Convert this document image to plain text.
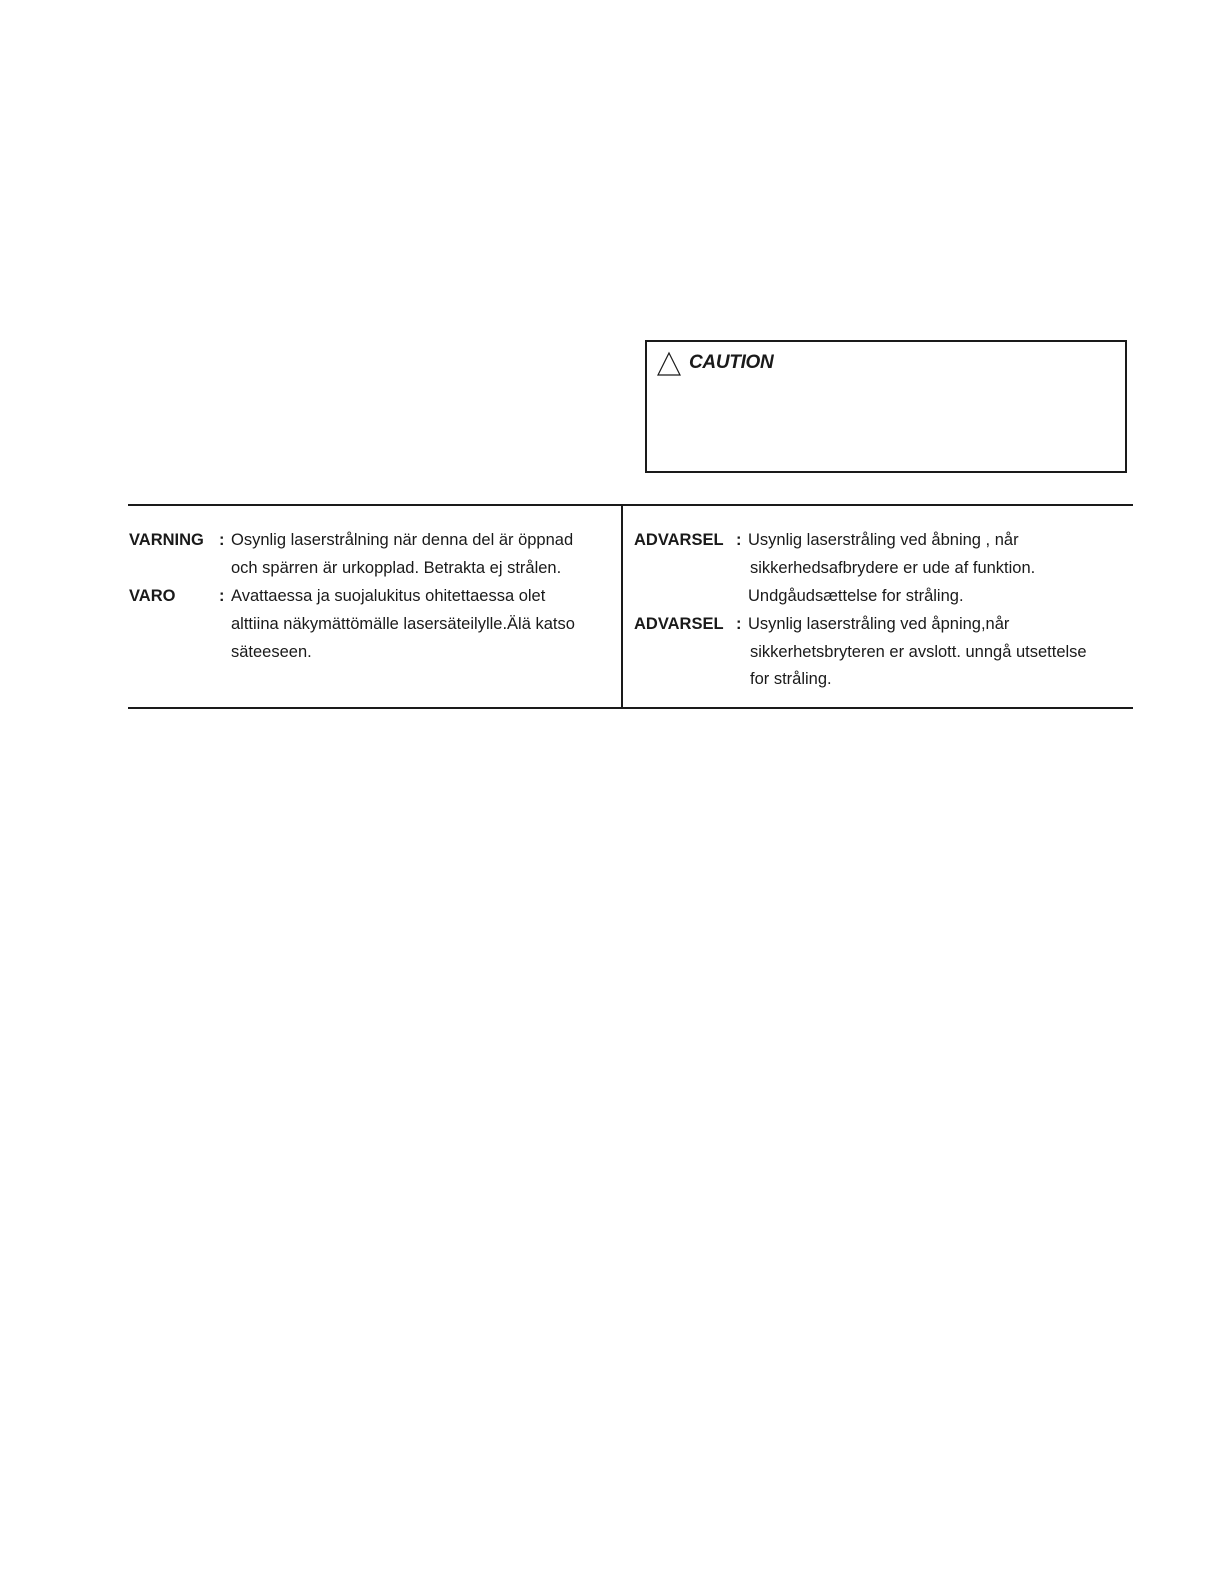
CAUTION
VARNING : Osynlig laserstrålning när denna del är öppnad
och spärren är urkopplad. Betrakta ej strålen.
VARO	: Avattaessa ja suojalukitus ohitettaessa olet
alttiina näkymättömälle lasersäteilylle.Älä katso
säteeseen.
ADVARSEL : Usynlig laserstråling ved åbning , når
sikkerhedsafbrydere er ude af funktion.
Undgåudsættelse for stråling.
ADVARSEL : Usynlig laserstråling ved åpning,når
sikkerhetsbryteren er avslott. unngå utsettelse
for stråling.
